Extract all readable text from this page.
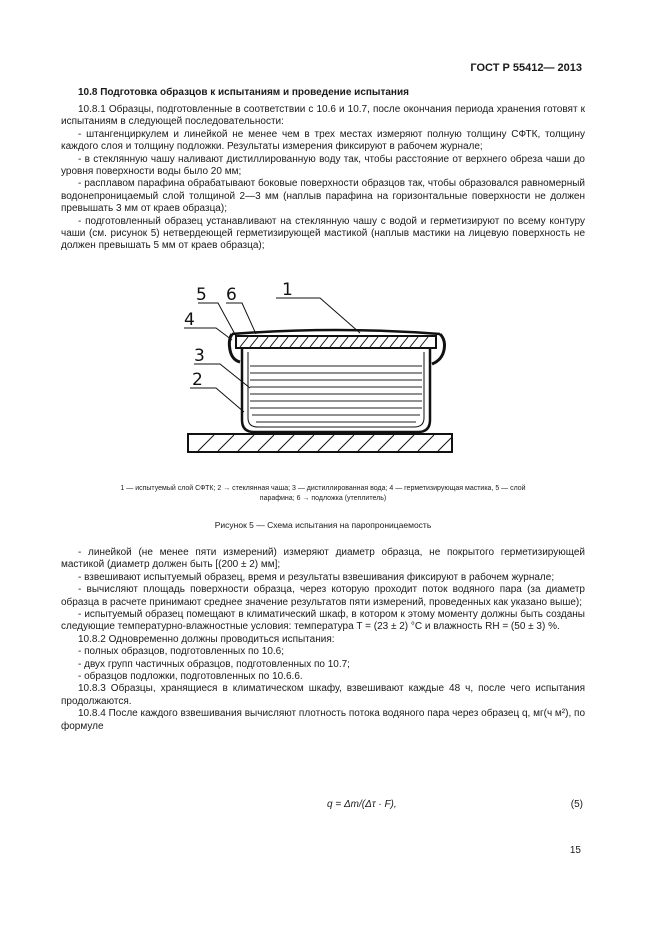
ГОСТ Р 55412— 2013
10.8 Подготовка образцов к испытаниям и проведение испытания

10.8.1 Образцы, подготовленные в соответствии с 10.6 и 10.7, после окончания периода хранения готовят к испытаниям в следующей последовательности:

- штангенциркулем и линейкой не менее чем в трех местах измеряют полную толщину СФТК, толщину каждого слоя и толщину подложки. Результаты измерения фиксируют в рабочем журнале;

- в стеклянную чашу наливают дистиллированную воду так, чтобы расстояние от верхнего обреза чаши до уровня поверхности воды было 20 мм;

- расплавом парафина обрабатывают боковые поверхности образцов так, чтобы образовался равномерный водонепроницаемый слой толщиной 2—3 мм (наплыв парафина на горизонтальные поверхности не должен превышать 3 мм от краев образца);

- подготовленный образец устанавливают на стеклянную чашу с водой и герметизируют по всему контуру чаши (см. рисунок 5) нетвердеющей герметизирующей мастикой (наплыв мастики на лицевую поверхность не должен превышать 5 мм от краев образца);

5 6	1
4
3
2
1 — испытуемый слой СФТК; 2 → стеклянная чаша; 3 — дистиллированная вода; 4 — герметизирующая мастика, 5 — слой
парафина; 6 → подложка (утеплитель)
Рисунок 5 — Схема испытания на паропроницаемость

- линейкой (не менее пяти измерений) измеряют диаметр образца, не покрытого герметизирующей мастикой (диаметр должен быть [(200 ± 2) мм];

- взвешивают испытуемый образец, время и результаты взвешивания фиксируют в рабочем журнале;

- вычисляют площадь поверхности образца, через которую проходит поток водяного пара (за диаметр образца в расчете принимают среднее значение результатов пяти измерений, проведенных как указано выше);

- испытуемый образец помещают в климатический шкаф, в котором к этому моменту должны быть созданы следующие температурно-влажностные условия: температура T = (23 ± 2) °C и влажность RН = (50 ± 3) %.

10.8.2 Одновременно должны проводиться испытания:

- полных образцов, подготовленных по 10.6;

- двух групп частичных образцов, подготовленных по 10.7;

- образцов подложки, подготовленных по 10.6.6.

10.8.3 Образцы, хранящиеся в климатическом шкафу, взвешивают каждые 48 ч, после чего испытания продолжаются.

10.8.4 После каждого взвешивания вычисляют плотность потока водяного пара через образец q, мг(ч м²), по формуле

q = Δm/(Δτ · F),	(5)
15
